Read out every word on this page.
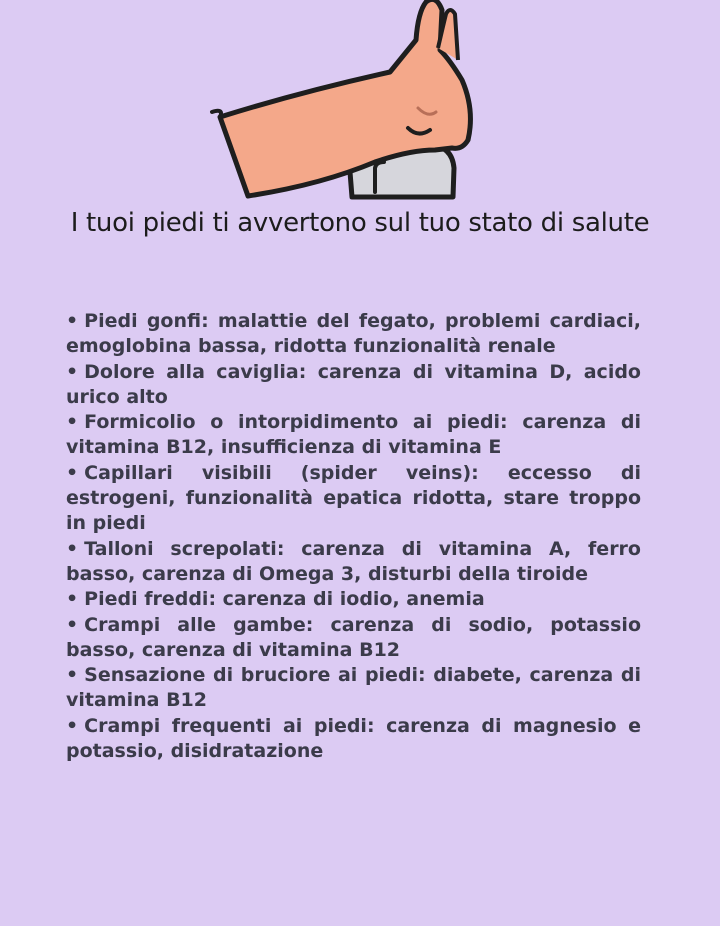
I tuoi piedi ti avvertono sul tuo stato di salute
• Piedi gonfi: malattie del fegato, problemi cardiaci, emoglobina bassa, ridotta funzionalità renale
• Dolore alla caviglia: carenza di vitamina D, acido urico alto
• Formicolio o intorpidimento ai piedi: carenza di vitamina B12, insufficienza di vitamina E
• Capillari visibili (spider veins): eccesso di estrogeni, funzionalità epatica ridotta, stare troppo in piedi
• Talloni screpolati: carenza di vitamina A, ferro basso, carenza di Omega 3, disturbi della tiroide
• Piedi freddi: carenza di iodio, anemia
• Crampi alle gambe: carenza di sodio, potassio basso, carenza di vitamina B12
• Sensazione di bruciore ai piedi: diabete, carenza di vitamina B12
• Crampi frequenti ai piedi: carenza di magnesio e potassio, disidratazione
